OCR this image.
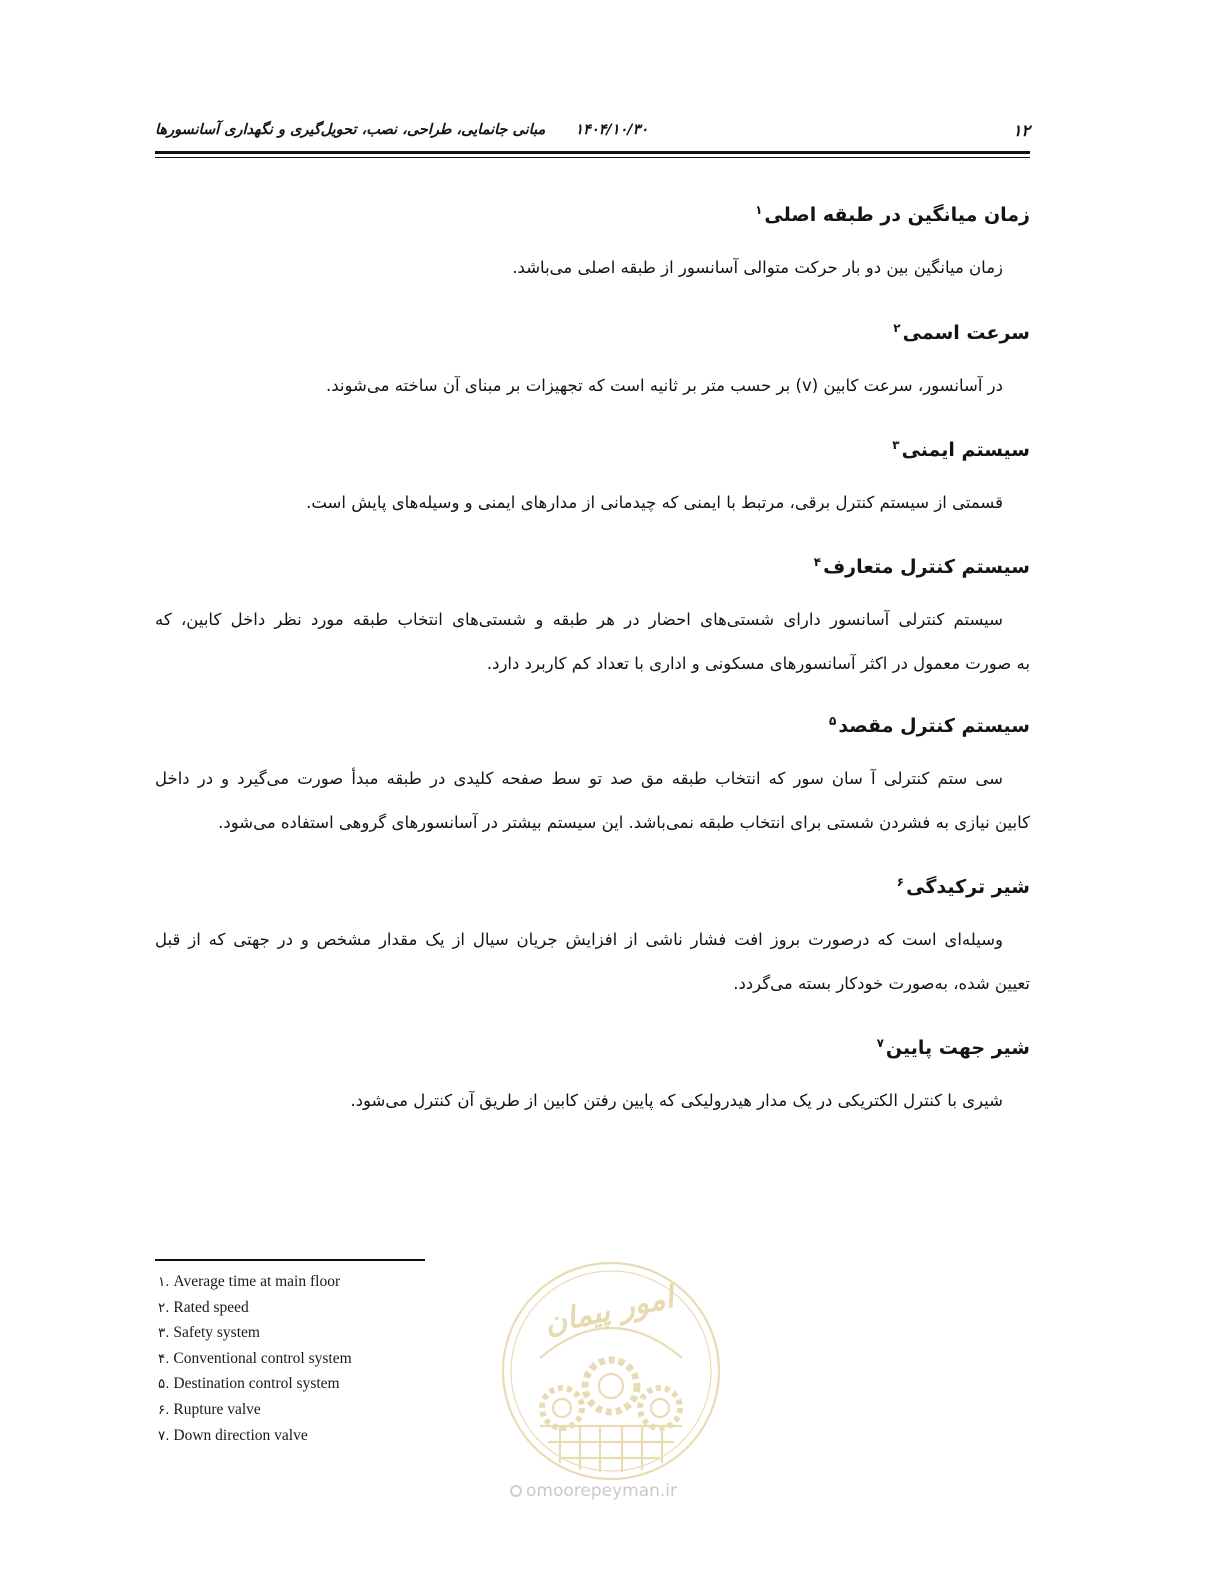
۱۲
۱۴۰۴/۱۰/۳۰
مبانی جانمایی، طراحی، نصب، تحویل‌گیری و نگهداری آسانسورها
زمان میانگین در طبقه اصلی$^۱$
زمان میانگین بین دو بار حرکت متوالی آسانسور از طبقه اصلی می‌باشد.
سرعت اسمی$^۲$
در آسانسور، سرعت کابین (v) بر حسب متر بر ثانیه است که تجهیزات بر مبنای آن ساخته می‌شوند.
سیستم ایمنی$^۳$
قسمتی از سیستم کنترل برقی، مرتبط با ایمنی که چیدمانی از مدارهای ایمنی و وسیله‌های پایش است.
سیستم کنترل متعارف$^۴$
سیستم کنترلی آسانسور دارای شستی‌های احضار در هر طبقه و شستی‌های انتخاب طبقه مورد نظر داخل کابین، که
به صورت معمول در اکثر آسانسورهای مسکونی و اداری با تعداد کم کاربرد دارد.
سیستم کنترل مقصد$^۵$
سی ستم کنترلی آ سان سور که انتخاب طبقه مق صد تو سط صفحه کلیدی در طبقه مبدأ صورت می‌گیرد و در داخل
کابین نیازی به فشردن شستی برای انتخاب طبقه نمی‌باشد. این سیستم بیشتر در آسانسورهای گروهی استفاده می‌شود.
شیر ترکیدگی$^۶$
وسیله‌ای است که درصورت بروز افت فشار ناشی از افزایش جریان سیال از یک مقدار مشخص و در جهتی که از قبل
تعیین شده، به‌صورت خودکار بسته می‌گردد.
شیر جهت پایین$^۷$
شیری با کنترل الکتریکی در یک مدار هیدرولیکی که پایین رفتن کابین از طریق آن کنترل می‌شود.
امور پیمان
omoorepeyman.ir
۱. Average time at main floor
۲. Rated speed
۳. Safety system
۴. Conventional control system
۵. Destination control system
۶. Rupture valve
۷. Down direction valve
